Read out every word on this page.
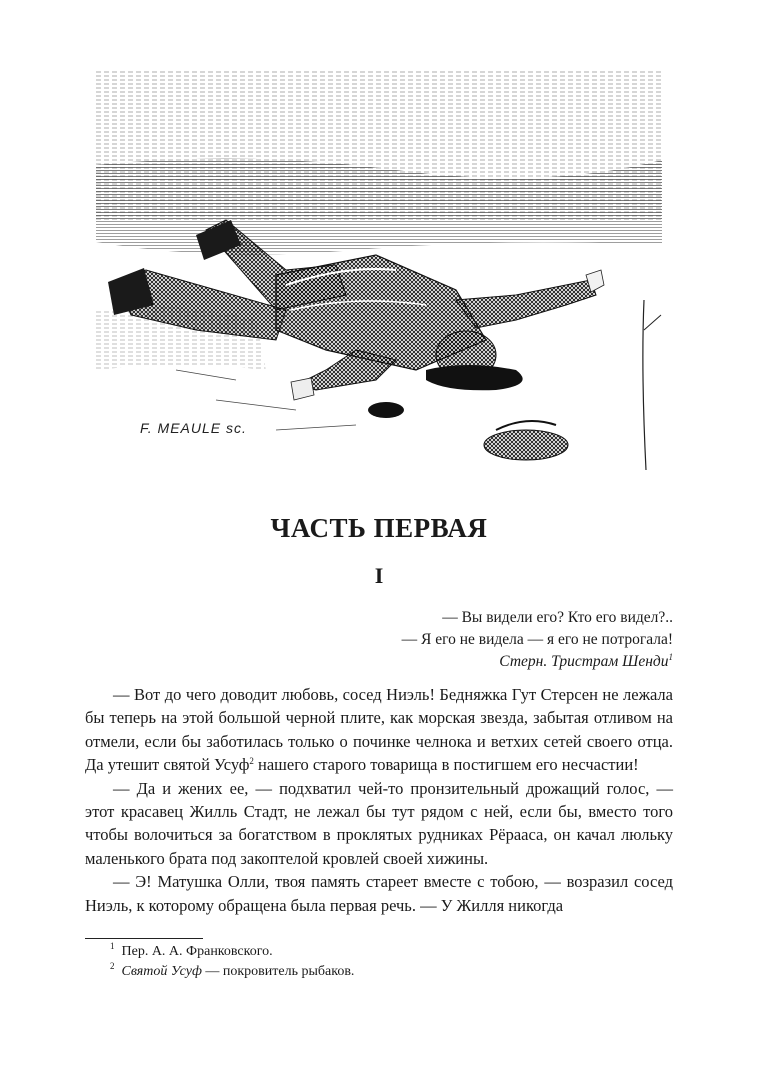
F. MEAULE sc.
ЧАСТЬ ПЕРВАЯ
I
— Вы видели его? Кто его видел?..
— Я его не видела — я его не потрогала!
Стерн. Тристрам Шенди$^1$

— Вот до чего доводит любовь, сосед Ниэль! Бедняжка Гут Стерсен не лежала бы теперь на этой большой черной плите, как морская звезда, забытая отливом на отмели, если бы заботилась только о починке челнока и ветхих сетей своего отца. Да утешит святой Усуф$^2$ нашего старого товарища в постигшем его несчастии!

— Да и жених ее, — подхватил чей-то пронзительный дрожащий голос, — этот красавец Жилль Стадт, не лежал бы тут рядом с ней, если бы, вместо того чтобы волочиться за богатством в проклятых рудниках Рёрааса, он качал люльку маленького брата под закоптелой кровлей своей хижины.

— Э! Матушка Олли, твоя память стареет вместе с тобою, — возразил сосед Ниэль, к которому обращена была первая речь. — У Жилля никогда

$^1$ Пер. А. А. Франковского.
$^2$ Святой Усуф — покровитель рыбаков.
